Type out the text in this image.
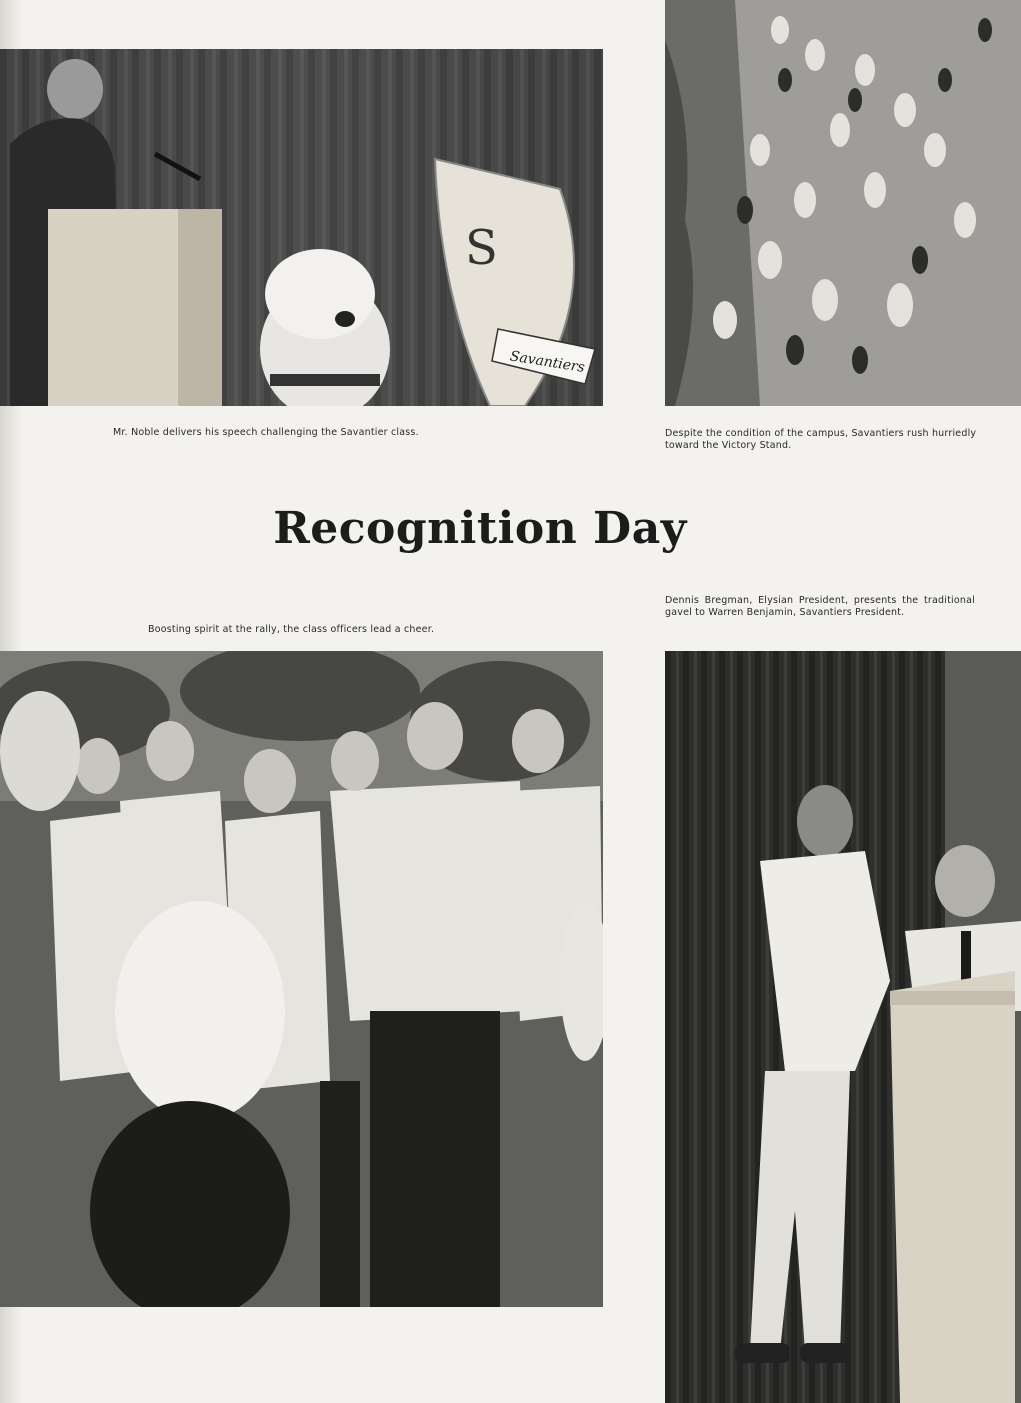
S
Savantiers
Mr. Noble delivers his speech challenging the Savantier class.	Despite the condition of the campus, Savantiers rush hurriedly toward the Victory Stand.
Recognition Day
Boosting spirit at the rally, the class officers lead a cheer.
Dennis Bregman, Elysian President, presents the traditional gavel to Warren Benjamin, Savantiers President.
